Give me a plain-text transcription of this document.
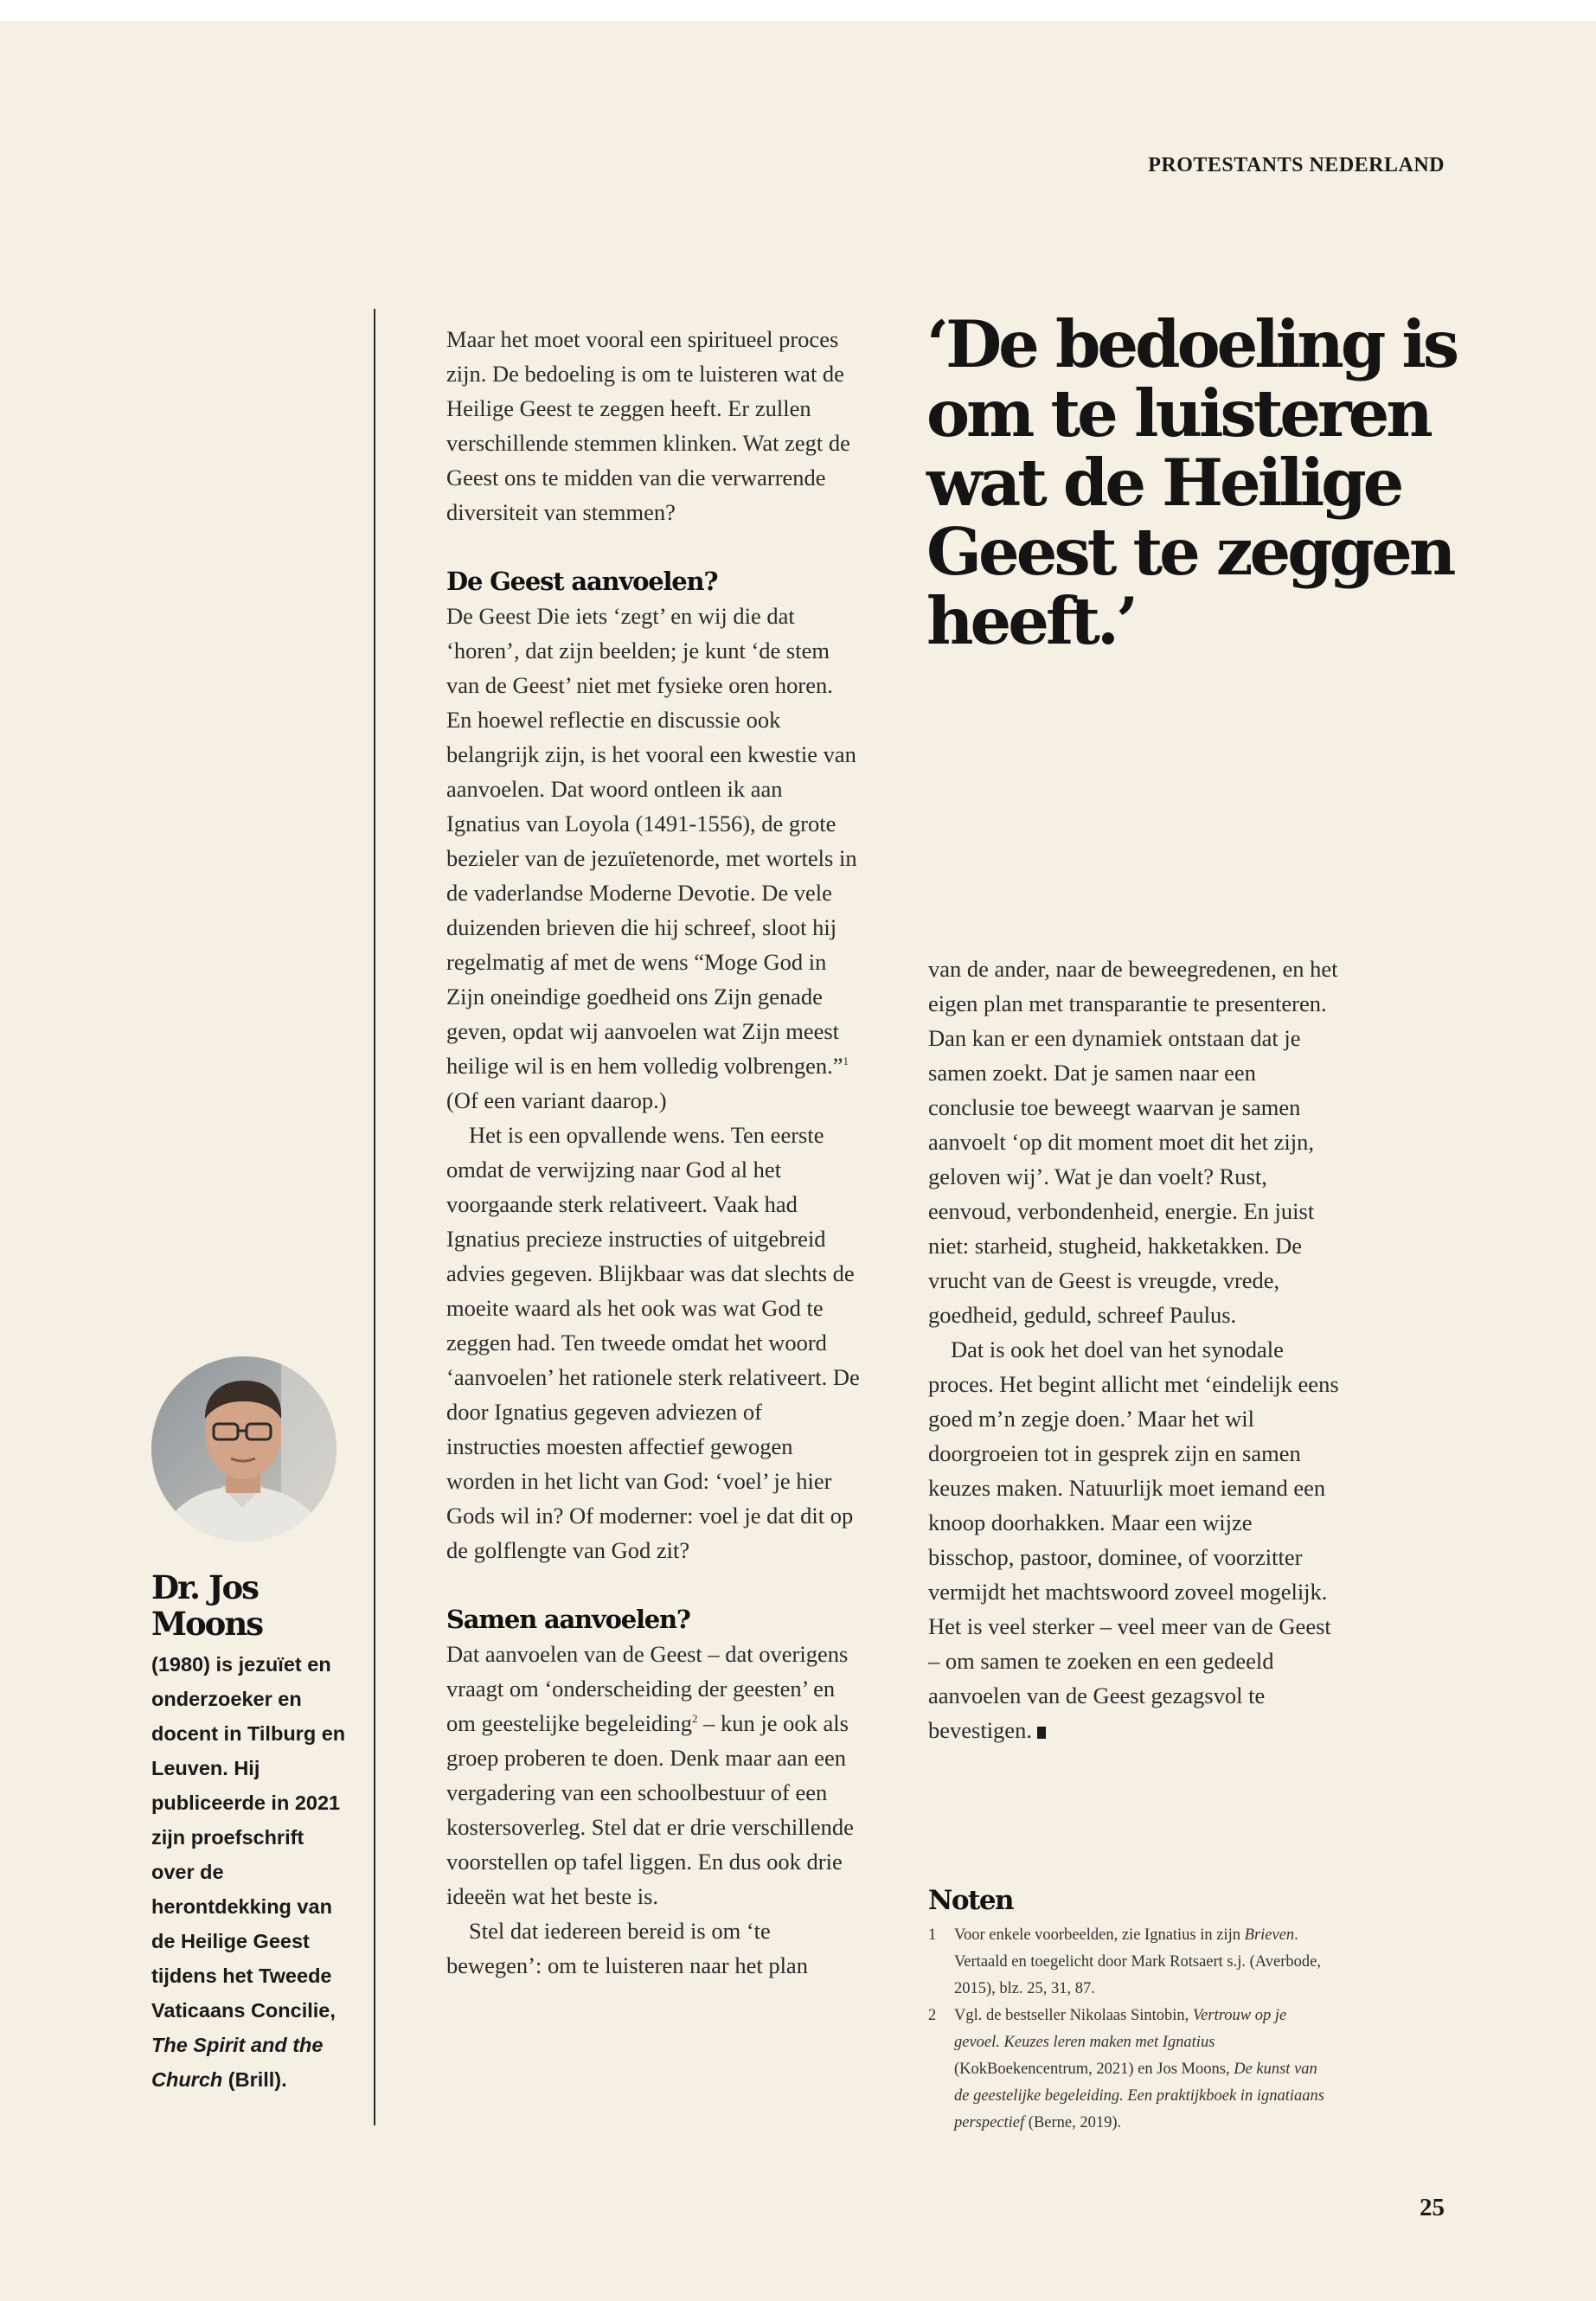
PROTESTANTS NEDERLAND

Maar het moet vooral een spiritueel proces zijn. De bedoeling is om te luisteren wat de Heilige Geest te zeggen heeft. Er zullen verschillende stemmen klinken. Wat zegt de Geest ons te midden van die verwarrende diversiteit van stemmen?

De Geest aanvoelen?

De Geest Die iets ‘zegt’ en wij die dat ‘horen’, dat zijn beelden; je kunt ‘de stem van de Geest’ niet met fysieke oren horen. En hoewel reflectie en discussie ook belangrijk zijn, is het vooral een kwestie van aanvoelen. Dat woord ontleen ik aan Ignatius van Loyola (1491-1556), de grote bezieler van de jezuïetenorde, met wortels in de vaderlandse Moderne Devotie. De vele duizenden brieven die hij schreef, sloot hij regelmatig af met de wens “Moge God in Zijn oneindige goedheid ons Zijn genade geven, opdat wij aanvoelen wat Zijn meest heilige wil is en hem volledig volbrengen.”$^1$ (Of een variant daarop.)

Het is een opvallende wens. Ten eerste omdat de verwijzing naar God al het voorgaande sterk relativeert. Vaak had Ignatius precieze instructies of uitgebreid advies gegeven. Blijkbaar was dat slechts de moeite waard als het ook was wat God te zeggen had. Ten tweede omdat het woord ‘aanvoelen’ het rationele sterk relativeert. De door Ignatius gegeven adviezen of instructies moesten affectief gewogen worden in het licht van God: ‘voel’ je hier Gods wil in? Of moderner: voel je dat dit op de golflengte van God zit?

Samen aanvoelen?

Dat aanvoelen van de Geest – dat overigens vraagt om ‘onderscheiding der geesten’ en om geestelijke begeleiding$^2$ – kun je ook als groep proberen te doen. Denk maar aan een vergadering van een schoolbestuur of een kostersoverleg. Stel dat er drie verschillende voorstellen op tafel liggen. En dus ook drie ideeën wat het beste is.

Stel dat iedereen bereid is om ‘te bewegen’: om te luisteren naar het plan

‘De bedoeling is om te luisteren wat de Heilige Geest te zeggen heeft.’

van de ander, naar de beweegredenen, en het eigen plan met transparantie te presenteren. Dan kan er een dynamiek ontstaan dat je samen zoekt. Dat je samen naar een conclusie toe beweegt waarvan je samen aanvoelt ‘op dit moment moet dit het zijn, geloven wij’. Wat je dan voelt? Rust, eenvoud, verbondenheid, energie. En juist niet: starheid, stugheid, hakketakken. De vrucht van de Geest is vreugde, vrede, goedheid, geduld, schreef Paulus.

Dat is ook het doel van het synodale proces. Het begint allicht met ‘eindelijk eens goed m’n zegje doen.’ Maar het wil doorgroeien tot in gesprek zijn en samen keuzes maken. Natuurlijk moet iemand een knoop doorhakken. Maar een wijze bisschop, pastoor, dominee, of voorzitter vermijdt het machtswoord zoveel mogelijk. Het is veel sterker – veel meer van de Geest – om samen te zoeken en een gedeeld aanvoelen van de Geest gezagsvol te bevestigen.

Dr. Jos Moons
(1980) is jezuïet en onderzoeker en docent in Tilburg en Leuven. Hij publiceerde in 2021 zijn proefschrift over de herontdekking van de Heilige Geest tijdens het Tweede Vaticaans Concilie, The Spirit and the Church (Brill).
Noten
1 Voor enkele voorbeelden, zie Ignatius in zijn Brieven. Vertaald en toegelicht door Mark Rotsaert s.j. (Averbode, 2015), blz. 25, 31, 87.
2 Vgl. de bestseller Nikolaas Sintobin, Vertrouw op je gevoel. Keuzes leren maken met Ignatius (KokBoekencentrum, 2021) en Jos Moons, De kunst van de geestelijke begeleiding. Een praktijkboek in ignatiaans perspectief (Berne, 2019).
25
